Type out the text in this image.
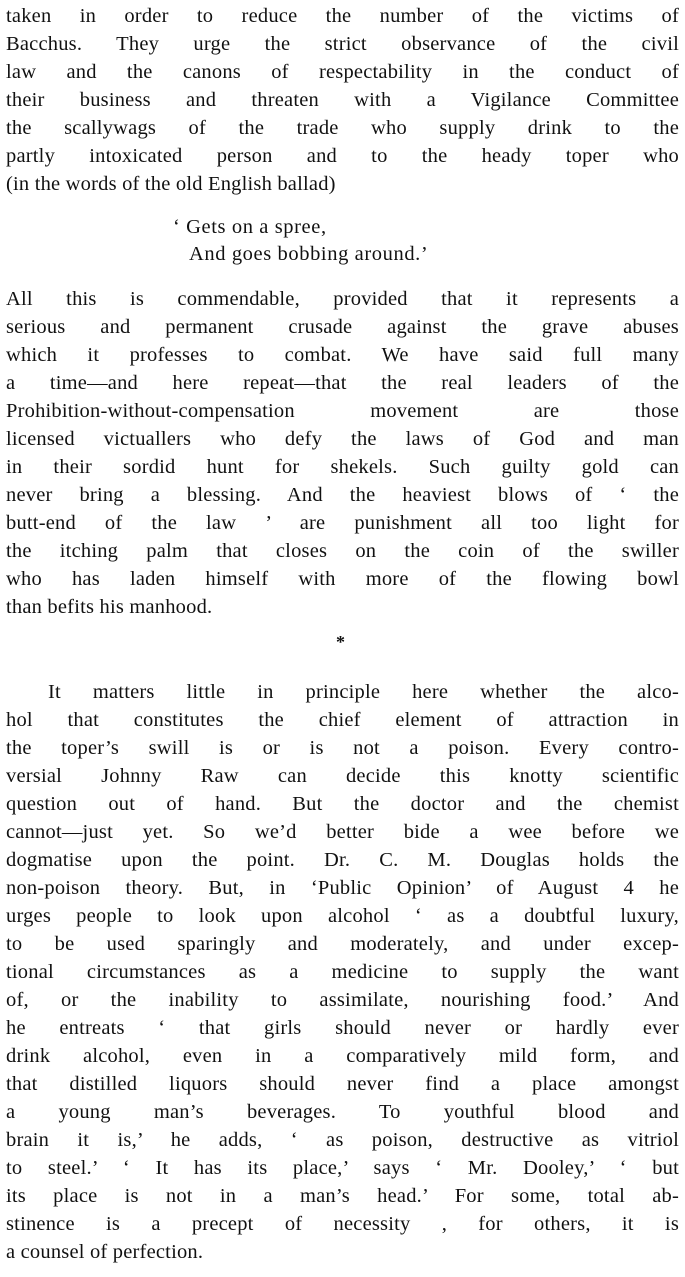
taken in order to reduce the number of the victims of
Bacchus. They urge the strict observance of the civil
law and the canons of respectability in the conduct of
their business and threaten with a Vigilance Committee
the scallywags of the trade who supply drink to the
partly intoxicated person and to the heady toper who
(in the words of the old English ballad)
‘ Gets on a spree,
And goes bobbing around.’
All this is commendable, provided that it represents a
serious and permanent crusade against the grave abuses
which it professes to combat. We have said full many
a time—and here repeat—that the real leaders of the
Prohibition-without-compensation movement are those
licensed victuallers who defy the laws of God and man
in their sordid hunt for shekels. Such guilty gold can
never bring a blessing. And the heaviest blows of ‘ the
butt-end of the law ’ are punishment all too light for
the itching palm that closes on the coin of the swiller
who has laden himself with more of the flowing bowl
than befits his manhood.
*
It matters little in principle here whether the alco-
hol that constitutes the chief element of attraction in
the toper’s swill is or is not a poison. Every contro-
versial Johnny Raw can decide this knotty scientific
question out of hand. But the doctor and the chemist
cannot—just yet. So we’d better bide a wee before we
dogmatise upon the point. Dr. C. M. Douglas holds the
non-poison theory. But, in ‘Public Opinion’ of August 4 he
urges people to look upon alcohol ‘ as a doubtful luxury,
to be used sparingly and moderately, and under excep-
tional circumstances as a medicine to supply the want
of, or the inability to assimilate, nourishing food.’ And
he entreats ‘ that girls should never or hardly ever
drink alcohol, even in a comparatively mild form, and
that distilled liquors should never find a place amongst
a young man’s beverages. To youthful blood and
brain it is,’ he adds, ‘ as poison, destructive as vitriol
to steel.’ ‘ It has its place,’ says ‘ Mr. Dooley,’ ‘ but
its place is not in a man’s head.’ For some, total ab-
stinence is a precept of necessity , for others, it is
a counsel of perfection.
